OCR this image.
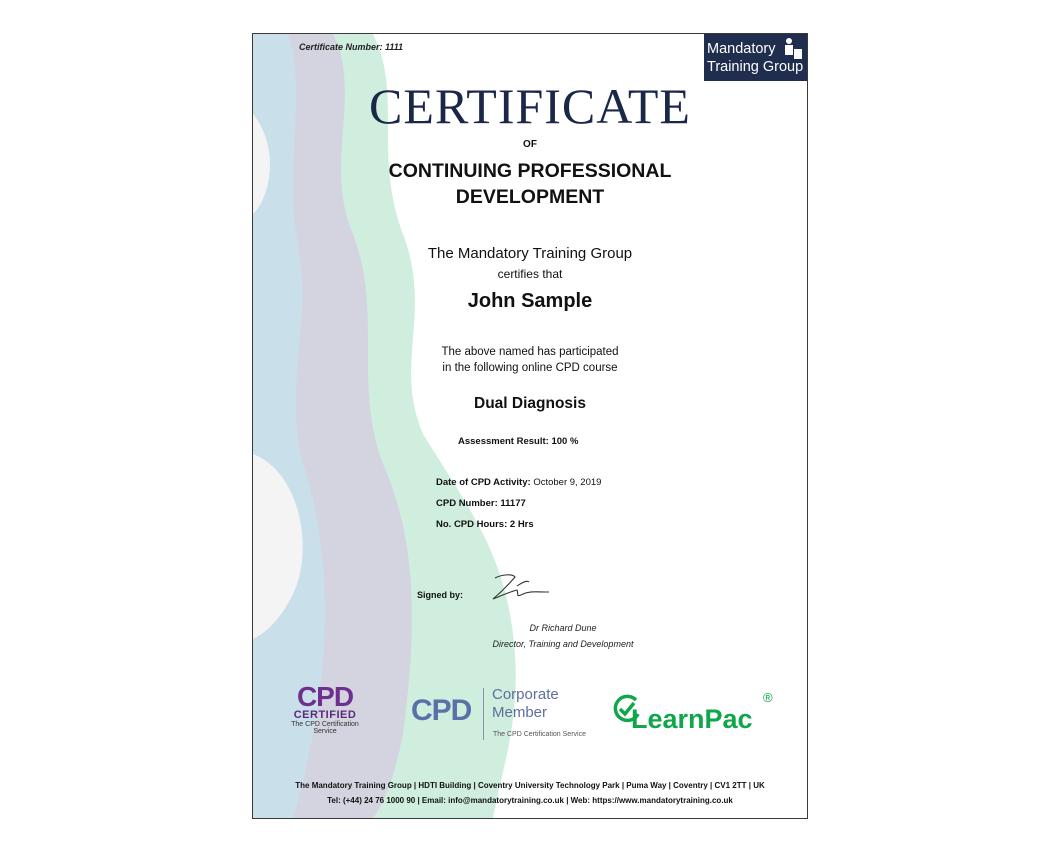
Certificate Number: 1111	Mandatory
Training Group
CERTIFICATE
OF
CONTINUING PROFESSIONAL
DEVELOPMENT
The Mandatory Training Group
certifies that
John Sample
The above named has participated
in the following online CPD course
Dual Diagnosis
Assessment Result: 100 %
Date of CPD Activity: October 9, 2019
CPD Number: 11177
No. CPD Hours: 2 Hrs
Signed by:
Dr Richard Dune
Director, Training and Development
CPD
CERTIFIED
The CPD Certification
Service
CPD Corporate
Member
The CPD Certification Service
LearnPac
®
The Mandatory Training Group | HDTI Building | Coventry University Technology Park | Puma Way | Coventry | CV1 2TT | UK
Tel: (+44) 24 76 1000 90 | Email: info@mandatorytraining.co.uk | Web: https://www.mandatorytraining.co.uk
